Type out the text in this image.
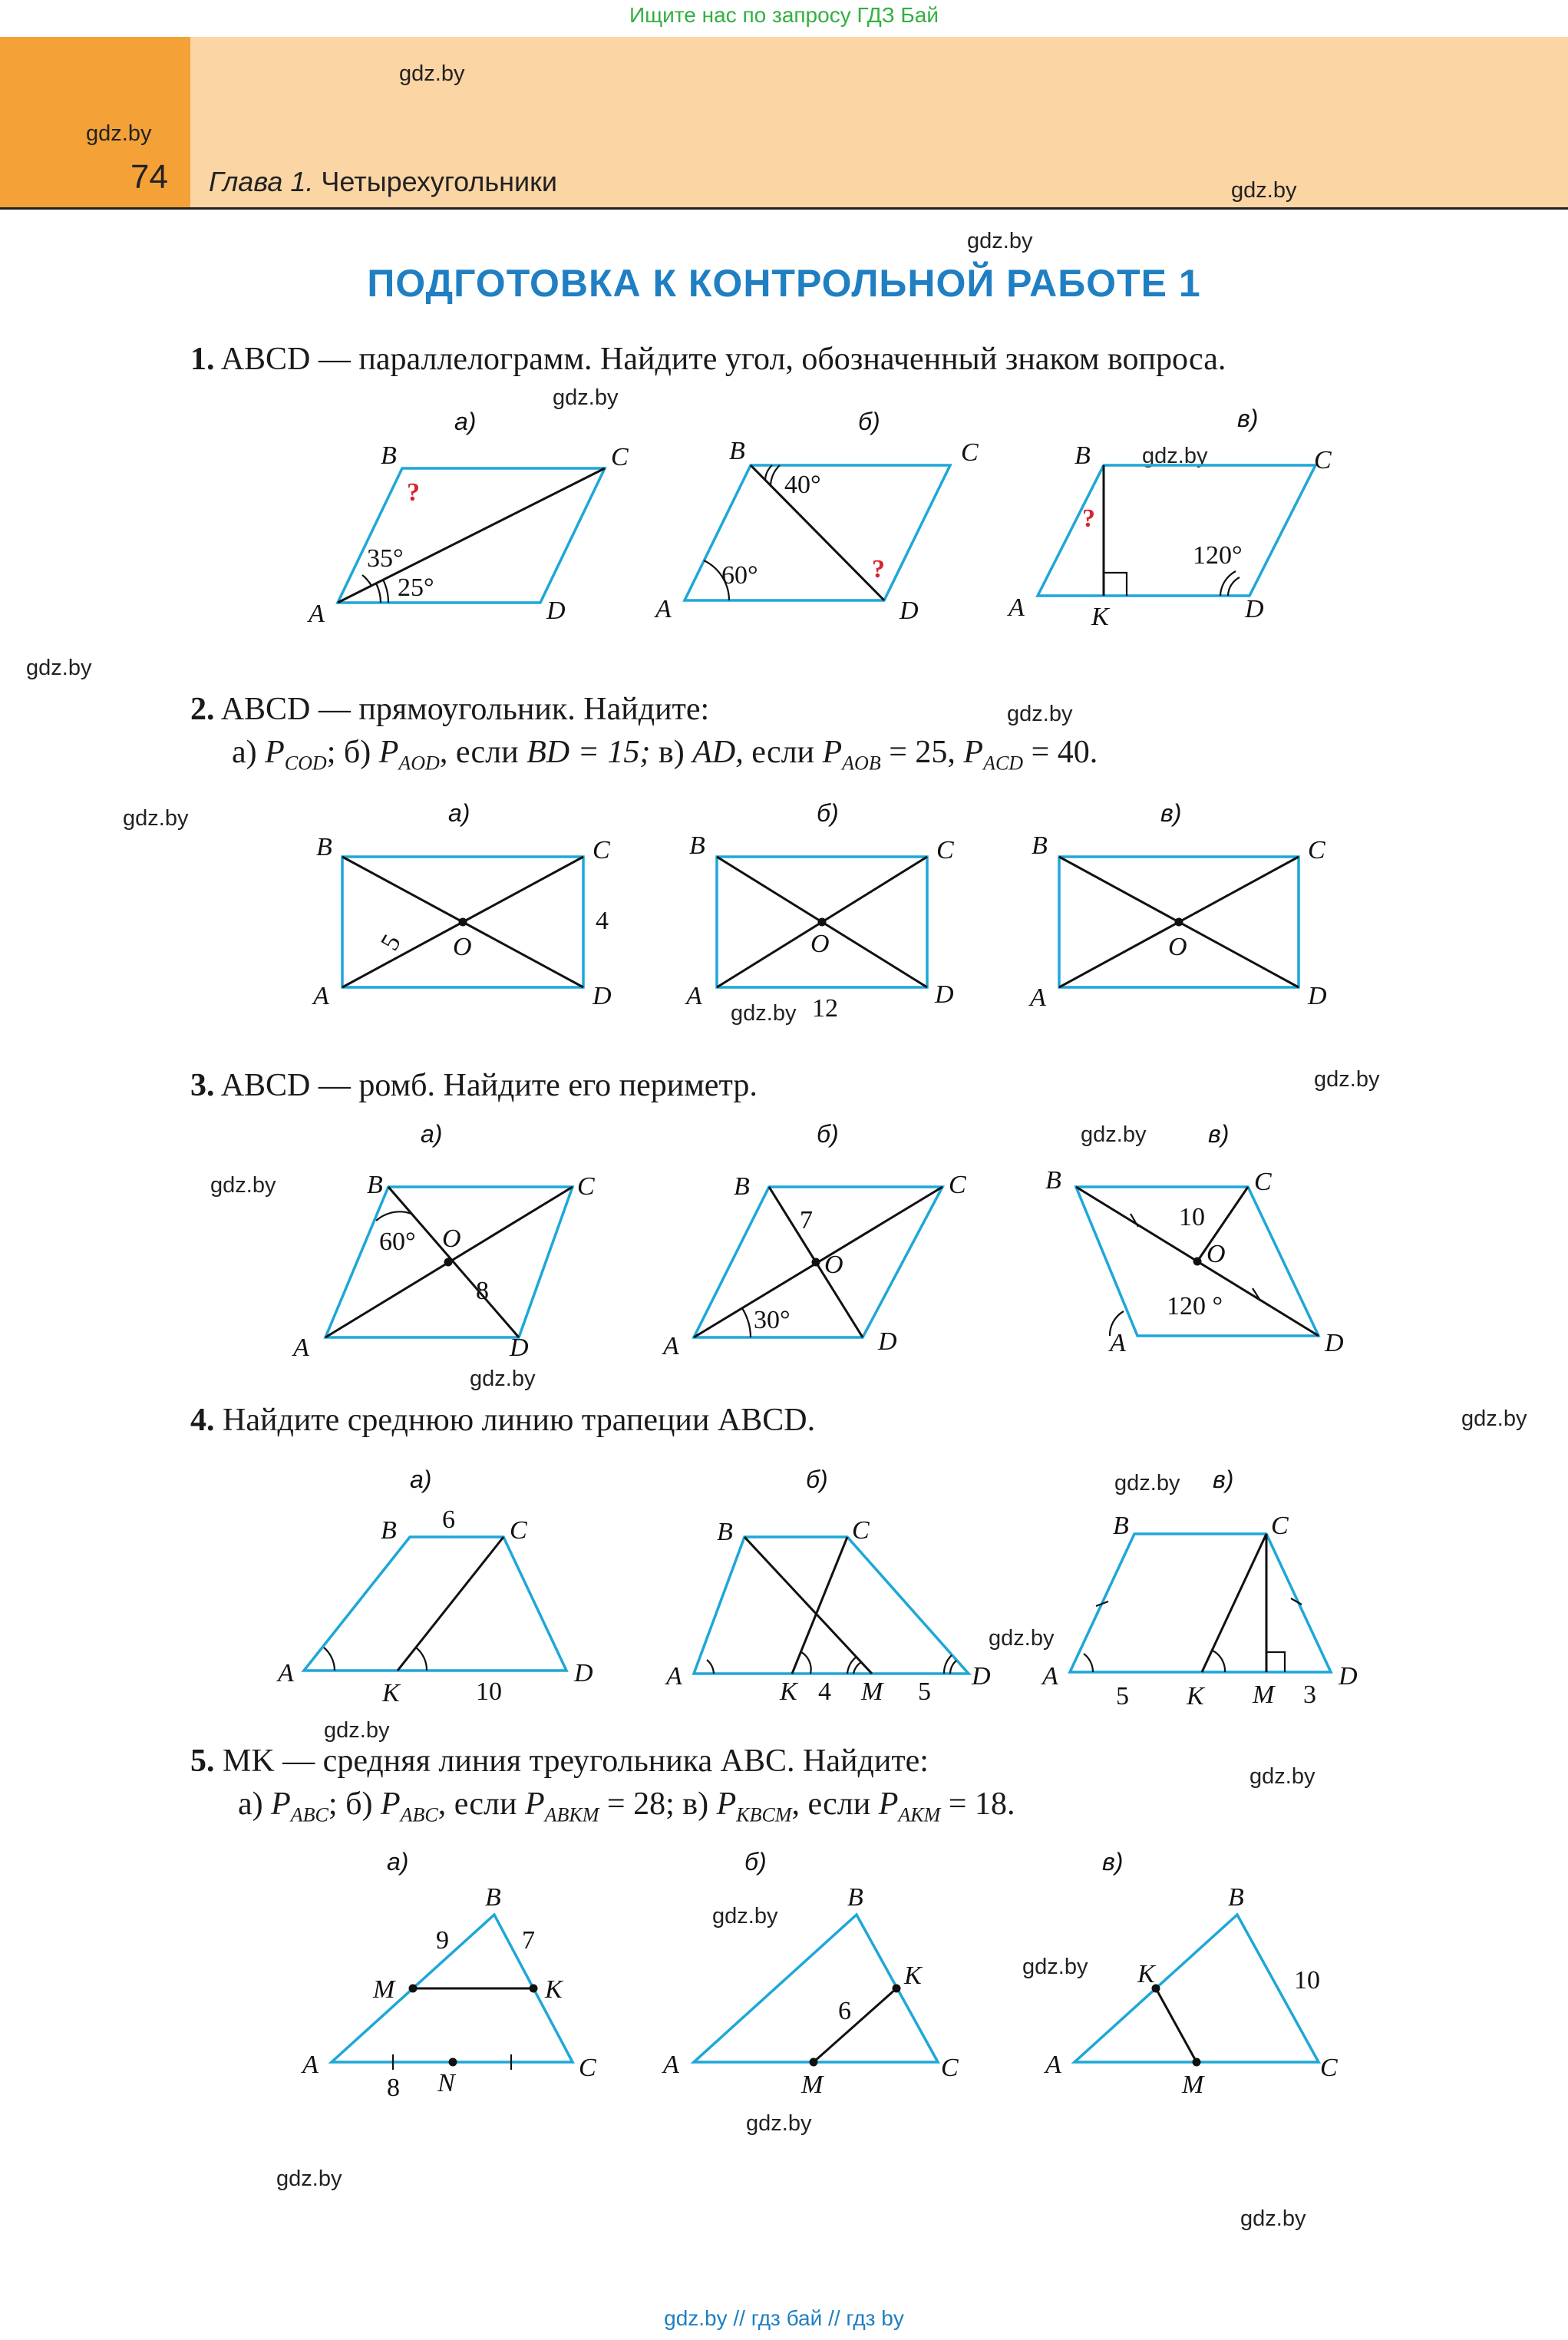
Ищите нас по запросу ГДЗ Бай
74 Глава 1. Четырехугольники
ПОДГОТОВКА К КОНТРОЛЬНОЙ РАБОТЕ 1
1. ABCD — параллелограмм. Найдите угол, обозначенный знаком вопроса.
2. ABCD — прямоугольник. Найдите:
а) $P_{COD}$; б) $P_{AOD}$, если BD = 15; в) AD, если $P_{AOB} = 25$, $P_{ACD} = 40$.
3. ABCD — ромб. Найдите его периметр.
4. Найдите среднюю линию трапеции ABCD.
5. MK — средняя линия треугольника ABC. Найдите:
а) $P_{ABC}$; б) $P_{ABC}$, если $P_{ABKM} = 28$; в) $P_{KBCM}$, если $P_{AKM} = 18$.
gdz.by
gdz.by
gdz.by
gdz.by
gdz.by
gdz.by
gdz.by
gdz.by
gdz.by
gdz.by
gdz.by
gdz.by
gdz.by
gdz.by
gdz.by
gdz.by
gdz.by
gdz.by
gdz.by
gdz.by
gdz.by
gdz.by
gdz.by
gdz.by
gdz.by // гдз бай // гдз by
а)
?
35°
25°
A
B	C
D
б)
40°
60°	?
A
B	C
D
в)
?
120°
A
B	C
D
K
а)
5
4
O
A
B	C
D
б)
O
12
A
B	C
D
в)
O
A
B	C
D
а)
60° O
8
A
B	C
D
б)
7
O
30°
A
B	C
D
в)
10
O
120 °
A
B	C
D
а)
6
10
A
B	C
D
K
б)
4	5
A
B	C
D
K M
в)
5	3
A
B	C
D
K M
а)
9	7
8
A
B
C
M	K
N
б)
6
A
B
C
M
K
в)
10
A
B
C
K
M
